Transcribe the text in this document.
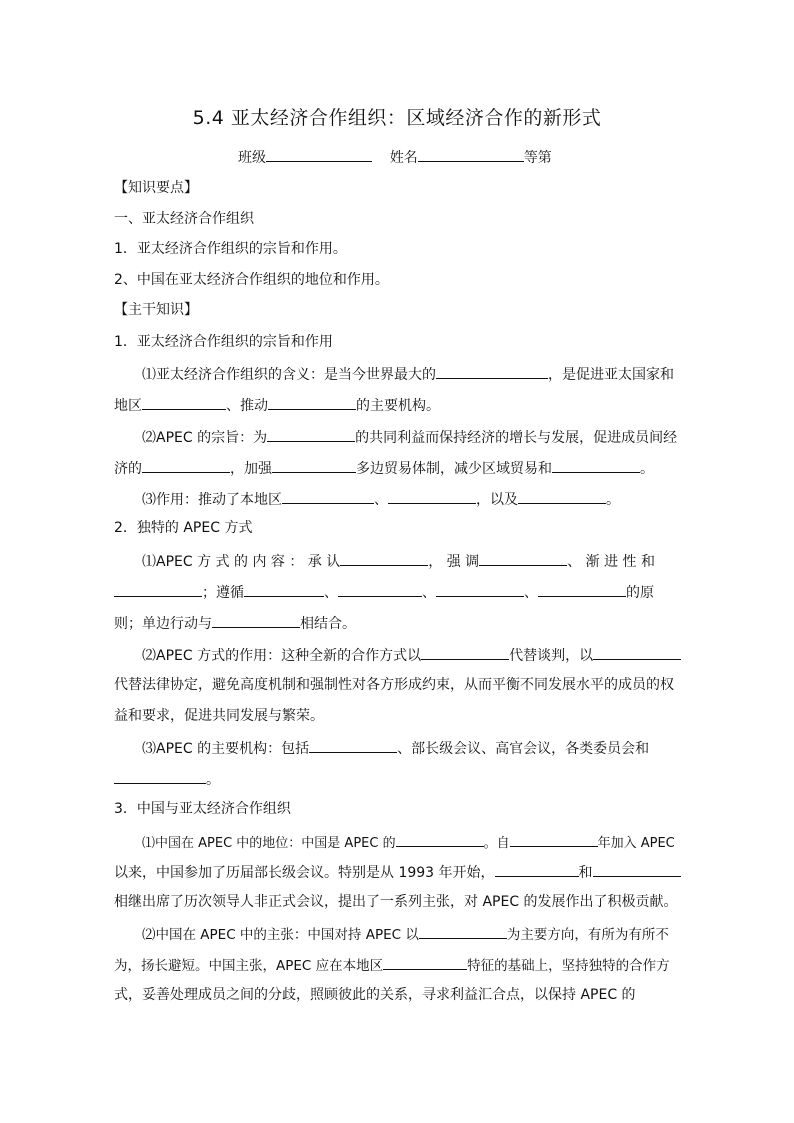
5.4 亚太经济合作组织：区域经济合作的新形式
班级	姓名	等第
【知识要点】
一、亚太经济合作组织
1．亚太经济合作组织的宗旨和作用。
2、中国在亚太经济合作组织的地位和作用。
【主干知识】
1．亚太经济合作组织的宗旨和作用
⑴亚太经济合作组织的含义：是当今世界最大的	，是促进亚太国家和
地区	、推动	的主要机构。
⑵APEC 的宗旨：为	的共同利益而保持经济的增长与发展，促进成员间经
济的	，加强	多边贸易体制，减少区域贸易和	。
⑶作用：推动了本地区	、	，以及	。
2．独特的 APEC 方式
⑴APEC 方 式 的 内 容 ： 承 认	， 强 调	、 渐 进 性 和
；遵循	、	、	、	的原
则；单边行动与	相结合。
⑵APEC 方式的作用：这种全新的合作方式以	代替谈判，以
代替法律协定，避免高度机制和强制性对各方形成约束，从而平衡不同发展水平的成员的权
益和要求，促进共同发展与繁荣。
⑶APEC 的主要机构：包括	、部长级会议、高官会议，各类委员会和
。
3．中国与亚太经济合作组织
⑴中国在 APEC 中的地位：中国是 APEC 的	。自	年加入 APEC
以来，中国参加了历届部长级会议。特别是从 1993 年开始，	和
相继出席了历次领导人非正式会议，提出了一系列主张，对 APEC 的发展作出了积极贡献。
⑵中国在 APEC 中的主张：中国对持 APEC 以	为主要方向，有所为有所不
为，扬长避短。中国主张，APEC 应在本地区	特征的基础上，坚持独特的合作方
式，妥善处理成员之间的分歧，照顾彼此的关系，寻求利益汇合点，以保持 APEC 的
